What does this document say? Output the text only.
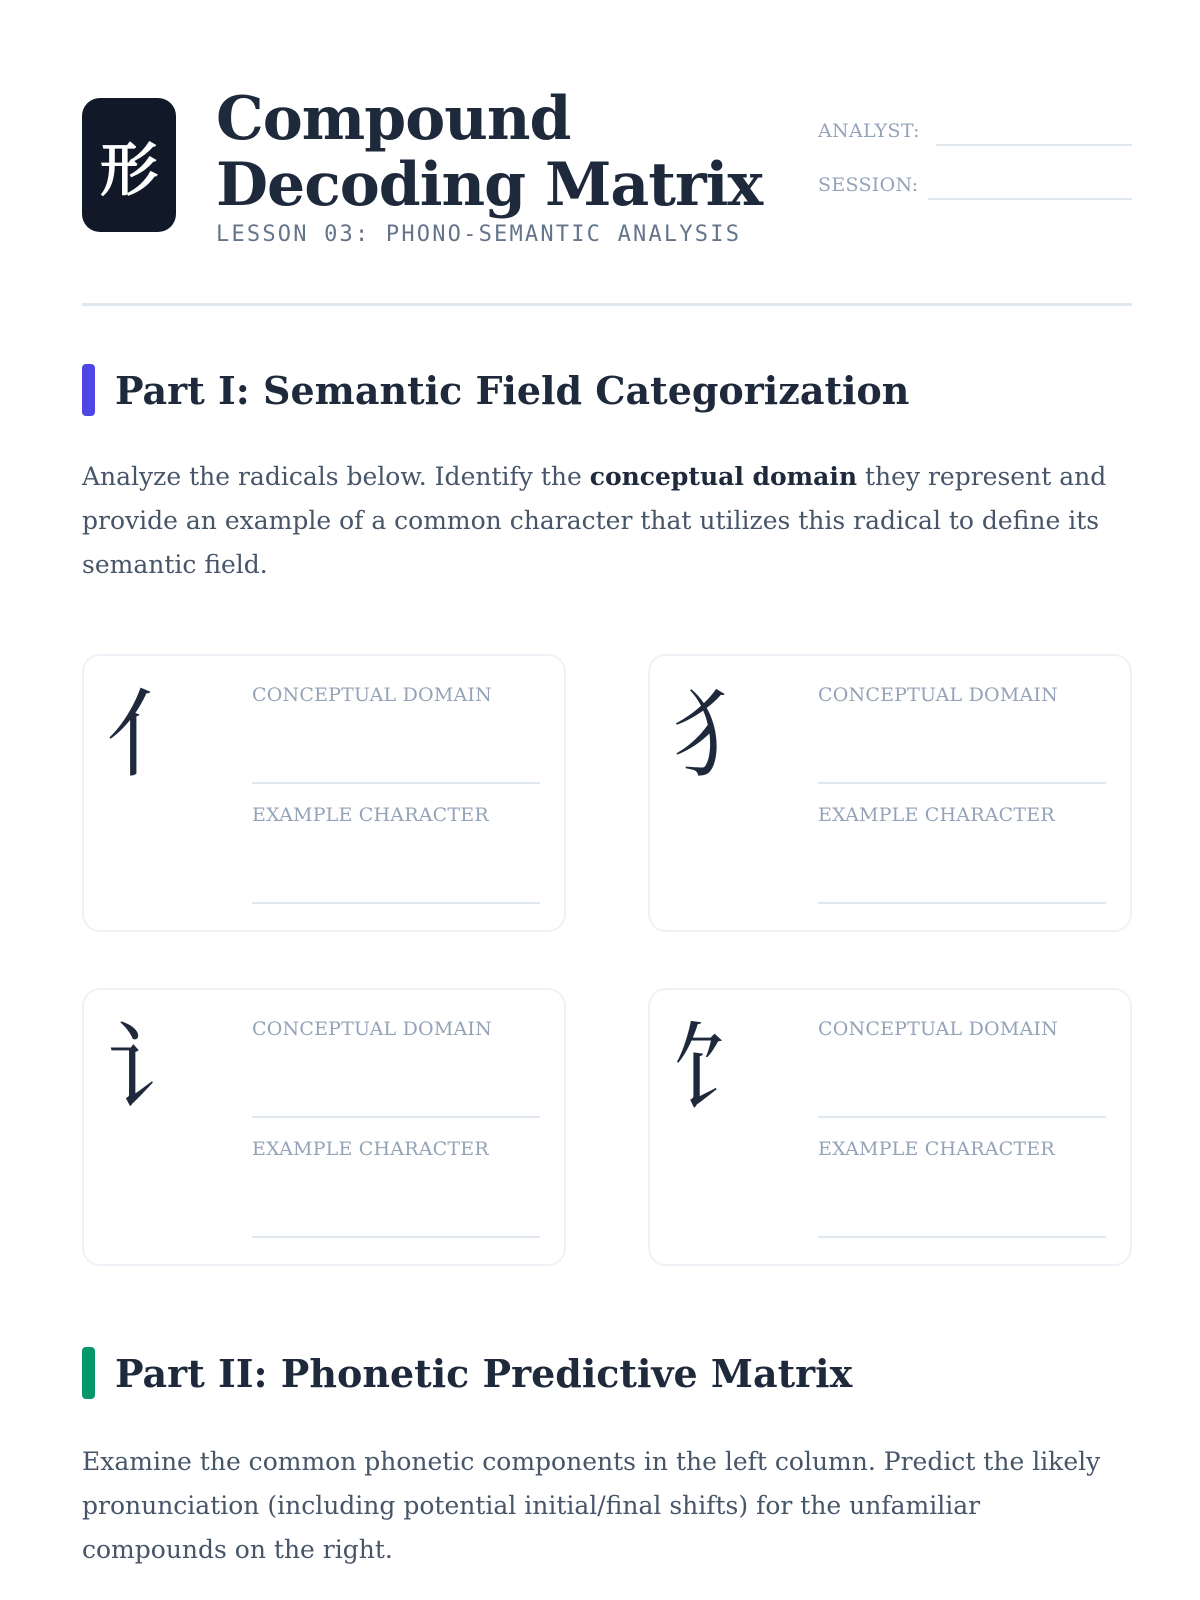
形
Compound
Decoding Matrix
LESSON 03: PHONO-SEMANTIC ANALYSIS
ANALYST:
SESSION:
Part I: Semantic Field Categorization

Analyze the radicals below. Identify the conceptual domain they represent and provide an example of a common character that utilizes this radical to define its semantic field.

亻	CONCEPTUAL DOMAIN
EXAMPLE CHARACTER
犭	CONCEPTUAL DOMAIN
EXAMPLE CHARACTER
讠	CONCEPTUAL DOMAIN
EXAMPLE CHARACTER
饣	CONCEPTUAL DOMAIN
EXAMPLE CHARACTER
Part II: Phonetic Predictive Matrix

Examine the common phonetic components in the left column. Predict the likely pronunciation (including potential initial/final shifts) for the unfamiliar compounds on the right.
